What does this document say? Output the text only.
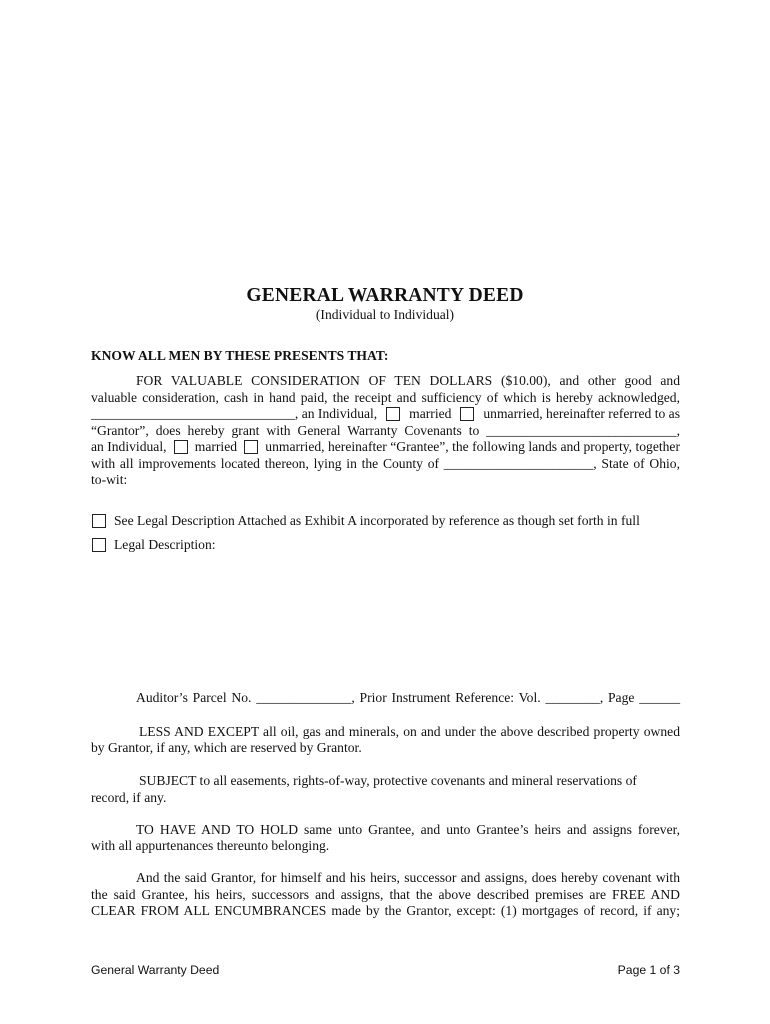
GENERAL WARRANTY DEED
(Individual to Individual)
KNOW ALL MEN BY THESE PRESENTS THAT:
FOR VALUABLE CONSIDERATION OF TEN DOLLARS ($10.00), and other good and
valuable consideration, cash in hand paid, the receipt and sufficiency of which is hereby acknowledged,
______________________________, an Individual, married unmarried, hereinafter referred to as
“Grantor”, does hereby grant with General Warranty Covenants to ____________________________,
an Individual, married unmarried, hereinafter “Grantee”, the following lands and property, together
with all improvements located thereon, lying in the County of ______________________, State of Ohio,
to-wit:
See Legal Description Attached as Exhibit A incorporated by reference as though set forth in full
Legal Description:
Auditor’s Parcel No. ______________, Prior Instrument Reference: Vol. ________, Page ______
LESS AND EXCEPT all oil, gas and minerals, on and under the above described property owned
by Grantor, if any, which are reserved by Grantor.
SUBJECT to all easements, rights-of-way, protective covenants and mineral reservations of
record, if any.
TO HAVE AND TO HOLD same unto Grantee, and unto Grantee’s heirs and assigns forever,
with all appurtenances thereunto belonging.
And the said Grantor, for himself and his heirs, successor and assigns, does hereby covenant with
the said Grantee, his heirs, successors and assigns, that the above described premises are FREE AND
CLEAR FROM ALL ENCUMBRANCES made by the Grantor, except: (1) mortgages of record, if any;
General Warranty Deed	Page 1 of 3
